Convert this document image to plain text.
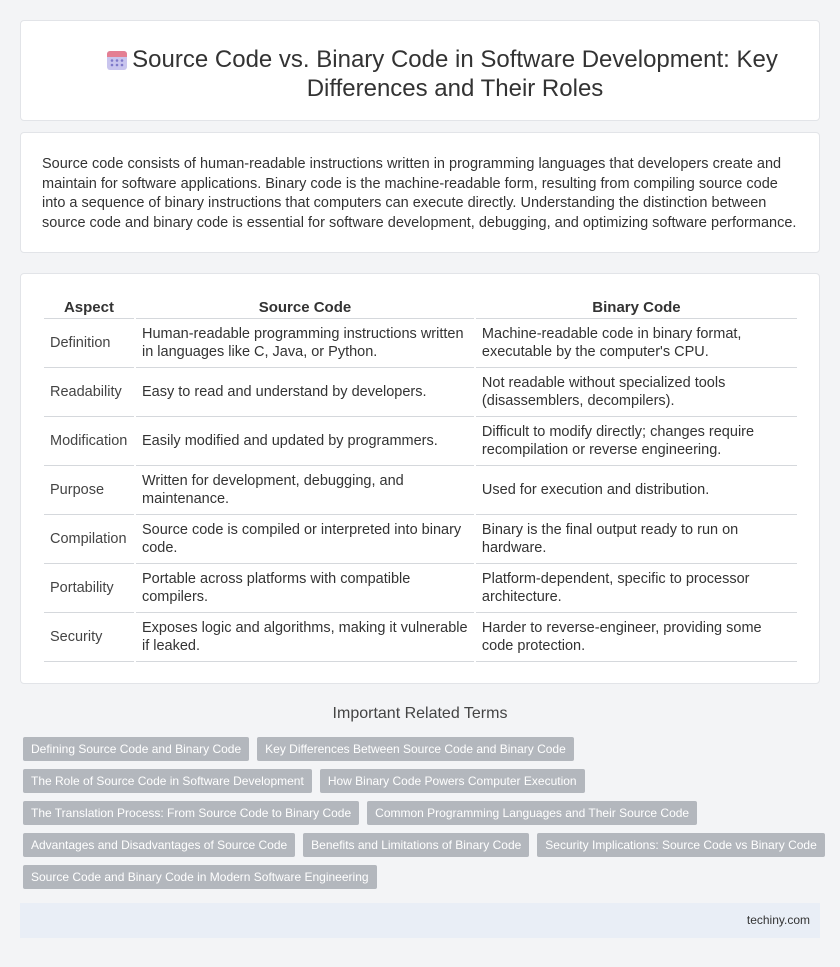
Source Code vs. Binary Code in Software Development: Key Differences and Their Roles

Source code consists of human-readable instructions written in programming languages that developers create and maintain for software applications. Binary code is the machine-readable form, resulting from compiling source code into a sequence of binary instructions that computers can execute directly. Understanding the distinction between source code and binary code is essential for software development, debugging, and optimizing software performance.

Aspect	Source Code	Binary Code
Definition	Human-readable programming instructions written in languages like C, Java, or Python.	Machine-readable code in binary format, executable by the computer's CPU.
Readability	Easy to read and understand by developers.	Not readable without specialized tools (disassemblers, decompilers).
Modification	Easily modified and updated by programmers.	Difficult to modify directly; changes require recompilation or reverse engineering.
Purpose	Written for development, debugging, and maintenance.	Used for execution and distribution.
Compilation	Source code is compiled or interpreted into binary code.	Binary is the final output ready to run on hardware.
Portability	Portable across platforms with compatible compilers.	Platform-dependent, specific to processor architecture.
Security	Exposes logic and algorithms, making it vulnerable if leaked.	Harder to reverse-engineer, providing some code protection.
Important Related Terms
Defining Source Code and Binary Code	Key Differences Between Source Code and Binary Code
The Role of Source Code in Software Development	How Binary Code Powers Computer Execution
The Translation Process: From Source Code to Binary Code	Common Programming Languages and Their Source Code
Advantages and Disadvantages of Source Code	Benefits and Limitations of Binary Code	Security Implications: Source Code vs Binary Code
Source Code and Binary Code in Modern Software Engineering
techiny.com
